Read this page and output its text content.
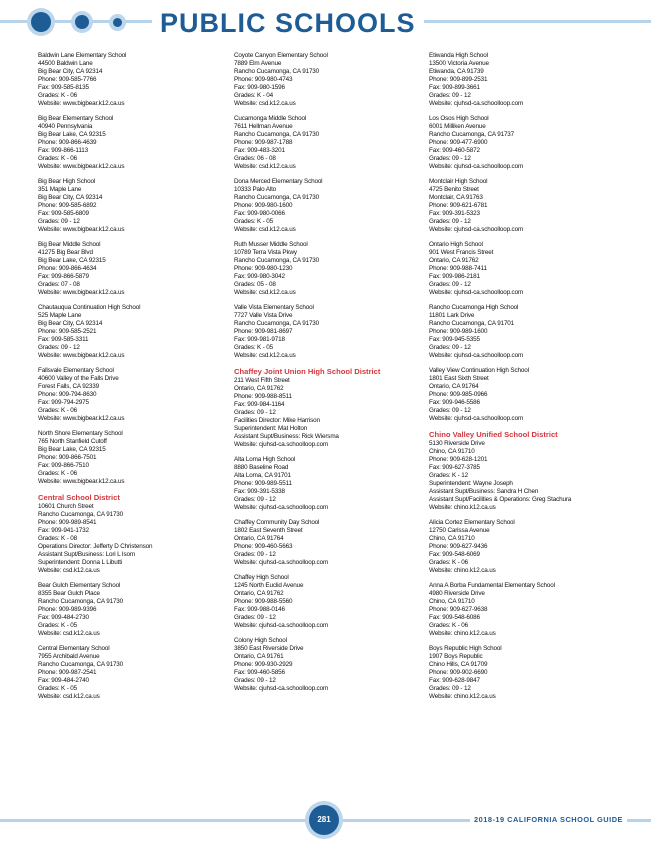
PUBLIC SCHOOLS
Baldwin Lane Elementary School
44500 Baldwin Lane
Big Bear City, CA 92314
Phone: 909-585-7766
Fax: 909-585-8135
Grades: K - 06
Website: www.bigbear.k12.ca.us
Big Bear Elementary School
40940 Pennsylvania
Big Bear Lake, CA 92315
Phone: 909-866-4639
Fax: 909-866-1113
Grades: K - 06
Website: www.bigbear.k12.ca.us
Big Bear High School
351 Maple Lane
Big Bear City, CA 92314
Phone: 909-585-6892
Fax: 909-585-6809
Grades: 09 - 12
Website: www.bigbear.k12.ca.us
Big Bear Middle School
41275 Big Bear Blvd
Big Bear Lake, CA 92315
Phone: 909-866-4634
Fax: 909-866-5879
Grades: 07 - 08
Website: www.bigbear.k12.ca.us
Chautauqua Continuation High School
525 Maple Lane
Big Bear City, CA 92314
Phone: 909-585-2521
Fax: 909-585-3311
Grades: 09 - 12
Website: www.bigbear.k12.ca.us
Fallsvale Elementary School
40600 Valley of the Falls Drive
Forest Falls, CA 92339
Phone: 909-794-8630
Fax: 909-794-2975
Grades: K - 06
Website: www.bigbear.k12.ca.us
North Shore Elementary School
765 North Stanfield Cutoff
Big Bear Lake, CA 92315
Phone: 909-866-7501
Fax: 909-866-7510
Grades: K - 06
Website: www.bigbear.k12.ca.us
Central School District
10601 Church Street
Rancho Cucamonga, CA 91730
Phone: 909-989-8541
Fax: 909-941-1732
Grades: K - 08
Operations Director: Jefferty D Christenson
Assistant Supt/Business: Lori L Isom
Superintendent: Donna L Libutti
Website: csd.k12.ca.us
Bear Gulch Elementary School
8355 Bear Gulch Place
Rancho Cucamonga, CA 91730
Phone: 909-989-9396
Fax: 909-484-2730
Grades: K - 05
Website: csd.k12.ca.us
Central Elementary School
7955 Archibald Avenue
Rancho Cucamonga, CA 91730
Phone: 909-987-2541
Fax: 909-484-2740
Grades: K - 05
Website: csd.k12.ca.us
Coyote Canyon Elementary School
7889 Elm Avenue
Rancho Cucamonga, CA 91730
Phone: 909-980-4743
Fax: 909-980-1596
Grades: K - 04
Website: csd.k12.ca.us
Cucamonga Middle School
7611 Hellman Avenue
Rancho Cucamonga, CA 91730
Phone: 909-987-1788
Fax: 909-483-3201
Grades: 06 - 08
Website: csd.k12.ca.us
Dona Merced Elementary School
10333 Palo Alto
Rancho Cucamonga, CA 91730
Phone: 909-980-1600
Fax: 909-980-0066
Grades: K - 05
Website: csd.k12.ca.us
Ruth Musser Middle School
10789 Terra Vista Pkwy
Rancho Cucamonga, CA 91730
Phone: 909-980-1230
Fax: 909-980-3042
Grades: 05 - 08
Website: csd.k12.ca.us
Valle Vista Elementary School
7727 Valle Vista Drive
Rancho Cucamonga, CA 91730
Phone: 909-981-8697
Fax: 909-981-9718
Grades: K - 05
Website: csd.k12.ca.us
Chaffey Joint Union High School District
211 West Fifth Street
Ontario, CA 91762
Phone: 909-988-8511
Fax: 909-984-1164
Grades: 09 - 12
Facilities Director: Mike Harrison
Superintendent: Mat Holton
Assistant Supt/Business: Rick Wiersma
Website: cjuhsd-ca.schoolloop.com
Alta Loma High School
8880 Baseline Road
Alta Loma, CA 91701
Phone: 909-989-5511
Fax: 909-391-5338
Grades: 09 - 12
Website: cjuhsd-ca.schoolloop.com
Chaffey Community Day School
1802 East Seventh Street
Ontario, CA 91764
Phone: 909-460-5663
Grades: 09 - 12
Website: cjuhsd-ca.schoolloop.com
Chaffey High School
1245 North Euclid Avenue
Ontario, CA 91762
Phone: 909-988-5560
Fax: 909-988-0146
Grades: 09 - 12
Website: cjuhsd-ca.schoolloop.com
Colony High School
3850 East Riverside Drive
Ontario, CA 91761
Phone: 909-930-2929
Fax: 909-460-5856
Grades: 09 - 12
Website: cjuhsd-ca.schoolloop.com
Etiwanda High School
13500 Victoria Avenue
Etiwanda, CA 91739
Phone: 909-899-2531
Fax: 909-899-3661
Grades: 09 - 12
Website: cjuhsd-ca.schoolloop.com
Los Osos High School
6001 Milliken Avenue
Rancho Cucamonga, CA 91737
Phone: 909-477-6900
Fax: 909-460-5872
Grades: 09 - 12
Website: cjuhsd-ca.schoolloop.com
Montclair High School
4725 Benito Street
Montclair, CA 91763
Phone: 909-621-6781
Fax: 909-391-5323
Grades: 09 - 12
Website: cjuhsd-ca.schoolloop.com
Ontario High School
901 West Francis Street
Ontario, CA 91762
Phone: 909-988-7411
Fax: 909-986-2181
Grades: 09 - 12
Website: cjuhsd-ca.schoolloop.com
Rancho Cucamonga High School
11801 Lark Drive
Rancho Cucamonga, CA 91701
Phone: 909-989-1600
Fax: 909-945-5355
Grades: 09 - 12
Website: cjuhsd-ca.schoolloop.com
Valley View Continuation High School
1801 East Sixth Street
Ontario, CA 91764
Phone: 909-985-0966
Fax: 909-946-5586
Grades: 09 - 12
Website: cjuhsd-ca.schoolloop.com
Chino Valley Unified School District
5130 Riverside Drive
Chino, CA 91710
Phone: 909-628-1201
Fax: 909-627-3785
Grades: K - 12
Superintendent: Wayne Joseph
Assistant Supt/Business: Sandra H Chen
Assistant Supt/Facilities & Operations: Greg Stachura
Website: chino.k12.ca.us
Alicia Cortez Elementary School
12750 Carissa Avenue
Chino, CA 91710
Phone: 909-627-9436
Fax: 909-548-6069
Grades: K - 06
Website: chino.k12.ca.us
Anna A Borba Fundamental Elementary School
4980 Riverside Drive
Chino, CA 91710
Phone: 909-627-9638
Fax: 909-548-6086
Grades: K - 06
Website: chino.k12.ca.us
Boys Republic High School
1907 Boys Republic
Chino Hills, CA 91709
Phone: 909-902-6690
Fax: 909-628-9847
Grades: 09 - 12
Website: chino.k12.ca.us
281	2018-19 CALIFORNIA SCHOOL GUIDE
